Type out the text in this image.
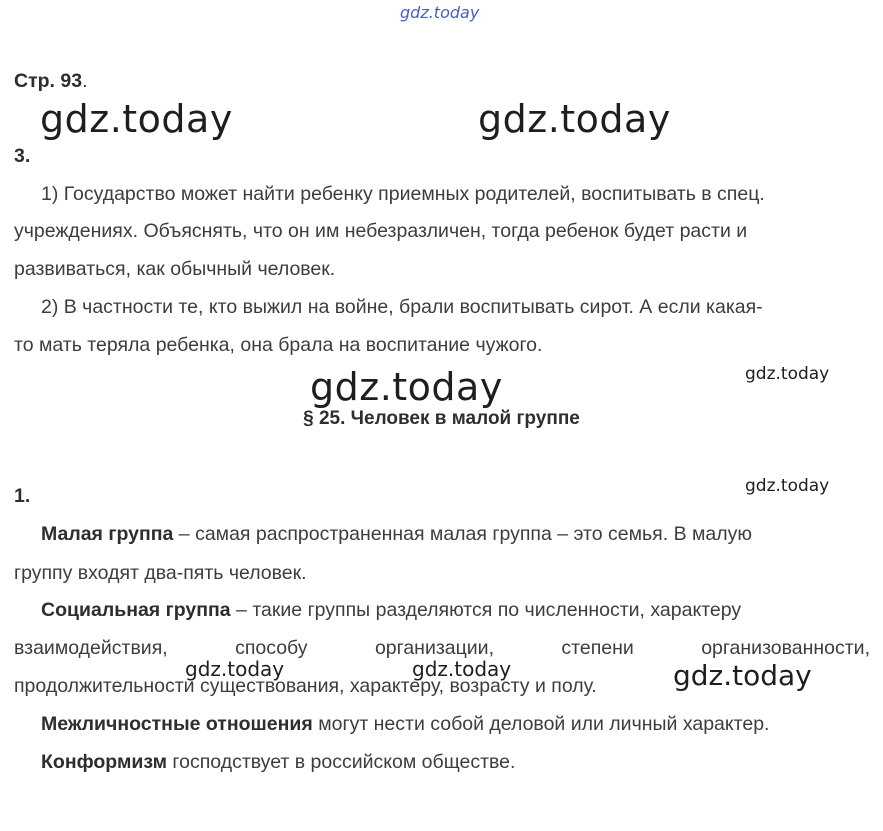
gdz.today
Стр. 93.
gdz.today	gdz.today
3.
1) Государство может найти ребенку приемных родителей, воспитывать в спец.
учреждениях. Объяснять, что он им небезразличен, тогда ребенок будет расти и
развиваться, как обычный человек.
2) В частности те, кто выжил на войне, брали воспитывать сирот. А если какая-
то мать теряла ребенка, она брала на воспитание чужого.
gdz.today	gdz.today
§ 25. Человек в малой группе
1.	gdz.today
Малая группа – самая распространенная малая группа – это семья. В малую
группу входят два-пять человек.
Социальная группа – такие группы разделяются по численности, характеру
взаимодействия,	способу	организации,	степени	организованности,
продолжительности существования, характеру, возрасту и полу.
gdz.today	gdz.today	gdz.today
Межличностные отношения могут нести собой деловой или личный характер.
Конформизм господствует в российском обществе.
